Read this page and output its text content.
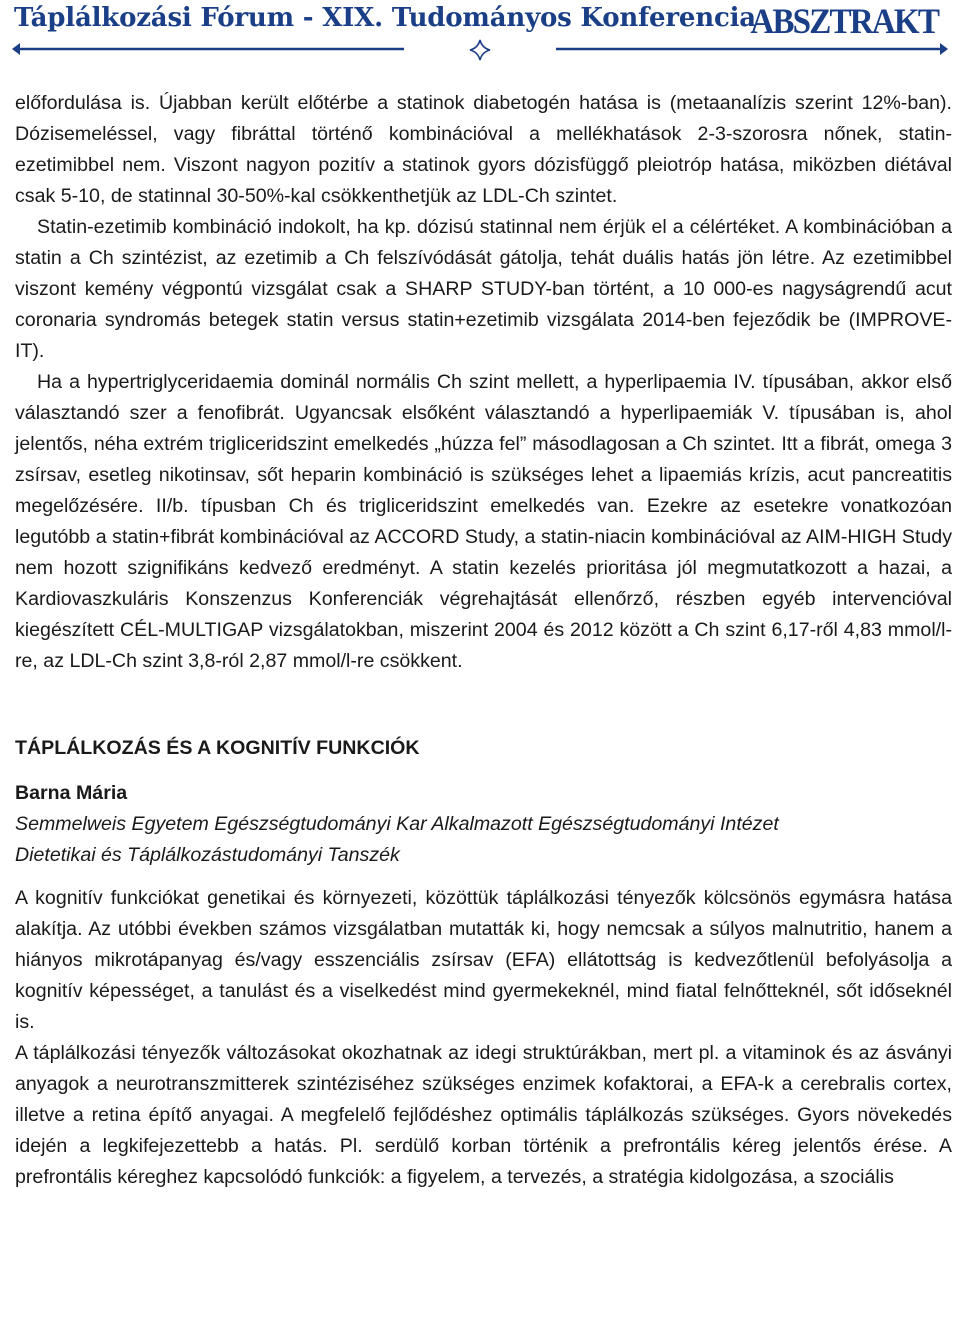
Táplálkozási Fórum - XIX. Tudományos Konferencia
ABSZTRAKT

előfordulása is. Újabban került előtérbe a statinok diabetogén hatása is (metaanalízis szerint 12%-ban). Dózisemeléssel, vagy fibráttal történő kombinációval a mellékhatások 2-3-szorosra nőnek, statin-ezetimibbel nem. Viszont nagyon pozitív a statinok gyors dózisfüggő pleiotróp hatása, miközben diétával csak 5-10, de statinnal 30-50%-kal csökkenthetjük az LDL-Ch szintet.

Statin-ezetimib kombináció indokolt, ha kp. dózisú statinnal nem érjük el a célértéket. A kombinációban a statin a Ch szintézist, az ezetimib a Ch felszívódását gátolja, tehát duális hatás jön létre. Az ezetimibbel viszont kemény végpontú vizsgálat csak a SHARP STUDY-ban történt, a 10 000-es nagyságrendű acut coronaria syndromás betegek statin versus statin+ezetimib vizsgálata 2014-ben fejeződik be (IMPROVE-IT).

Ha a hypertriglyceridaemia dominál normális Ch szint mellett, a hyperlipaemia IV. típusában, akkor első választandó szer a fenofibrát. Ugyancsak elsőként választandó a hyperlipaemiák V. típusában is, ahol jelentős, néha extrém trigliceridszint emelkedés „húzza fel” másodlagosan a Ch szintet. Itt a fibrát, omega 3 zsírsav, esetleg nikotinsav, sőt heparin kombináció is szükséges lehet a lipaemiás krízis, acut pancreatitis megelőzésére. II/b. típusban Ch és trigliceridszint emelkedés van. Ezekre az esetekre vonatkozóan legutóbb a statin+fibrát kombinációval az ACCORD Study, a statin-niacin kombinációval az AIM-HIGH Study nem hozott szignifikáns kedvező eredményt. A statin kezelés prioritása jól megmutatkozott a hazai, a Kardiovaszkuláris Konszenzus Konferenciák végrehajtását ellenőrző, részben egyéb intervencióval kiegészített CÉL-MULTIGAP vizsgálatokban, miszerint 2004 és 2012 között a Ch szint 6,17-ről 4,83 mmol/l-re, az LDL-Ch szint 3,8-ról 2,87 mmol/l-re csökkent.

TÁPLÁLKOZÁS ÉS A KOGNITÍV FUNKCIÓK

Barna Mária

Semmelweis Egyetem Egészségtudományi Kar Alkalmazott Egészségtudományi Intézet

Dietetikai és Táplálkozástudományi Tanszék

A kognitív funkciókat genetikai és környezeti, közöttük táplálkozási tényezők kölcsönös egymásra hatása alakítja. Az utóbbi években számos vizsgálatban mutatták ki, hogy nemcsak a súlyos malnutritio, hanem a hiányos mikrotápanyag és/vagy esszenciális zsírsav (EFA) ellátottság is kedvezőtlenül befolyásolja a kognitív képességet, a tanulást és a viselkedést mind gyermekeknél, mind fiatal felnőtteknél, sőt időseknél is.

A táplálkozási tényezők változásokat okozhatnak az idegi struktúrákban, mert pl. a vitaminok és az ásványi anyagok a neurotranszmitterek szintéziséhez szükséges enzimek kofaktorai, a EFA-k a cerebralis cortex, illetve a retina építő anyagai. A megfelelő fejlődéshez optimális táplálkozás szükséges. Gyors növekedés idején a legkifejezettebb a hatás. Pl. serdülő korban történik a prefrontális kéreg jelentős érése. A prefrontális kéreghez kapcsolódó funkciók: a figyelem, a tervezés, a stratégia kidolgozása, a szociális
